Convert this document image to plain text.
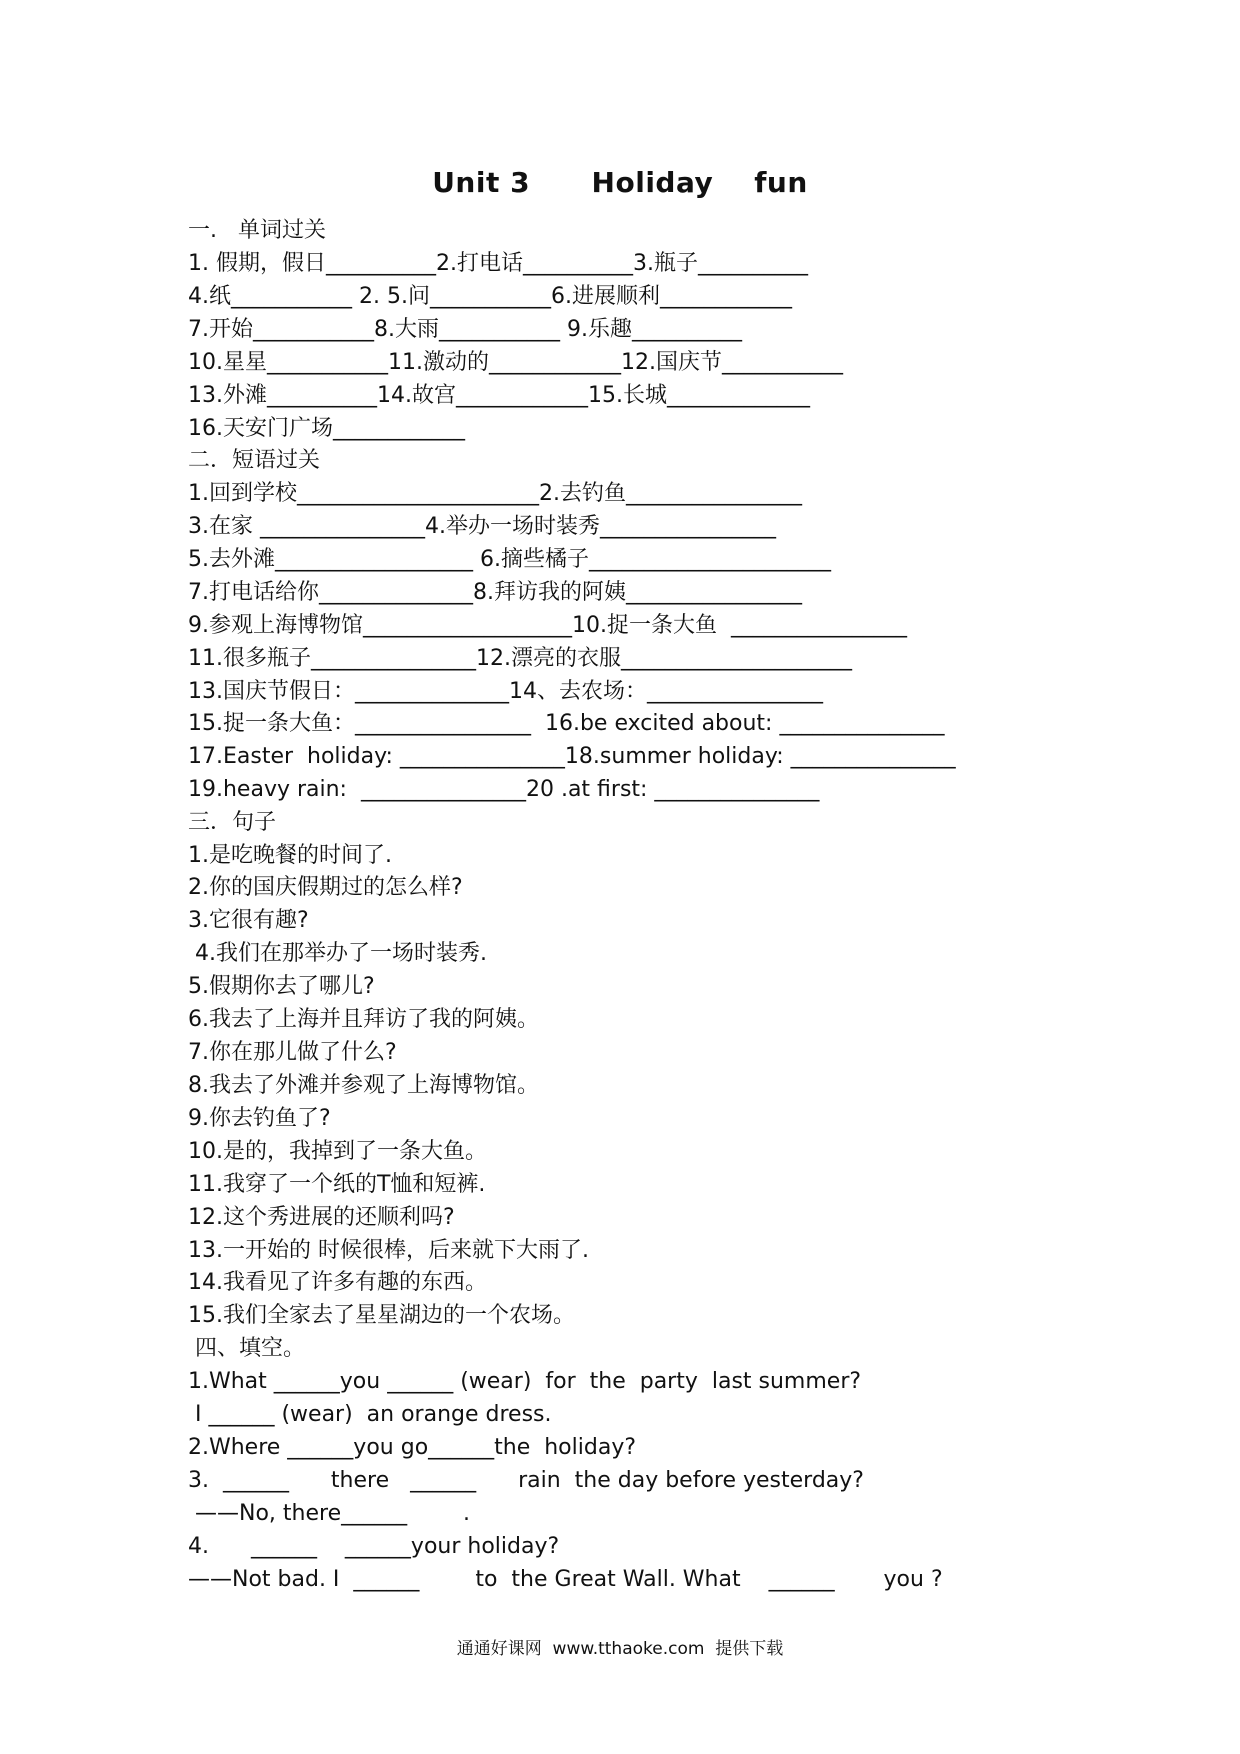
Unit 3      Holiday    fun
一.   单词过关
1. 假期，假日__________2.打电话__________3.瓶子__________
4.纸___________ 2. 5.问___________6.进展顺利____________
7.开始___________8.大雨___________ 9.乐趣__________
10.星星___________11.激动的____________12.国庆节___________
13.外滩__________14.故宫____________15.长城_____________
16.天安门广场____________
二．短语过关
1.回到学校______________________2.去钓鱼________________
3.在家 _______________4.举办一场时装秀________________
5.去外滩__________________ 6.摘些橘子______________________
7.打电话给你______________8.拜访我的阿姨________________
9.参观上海博物馆___________________10.捉一条大鱼  ________________
11.很多瓶子_______________12.漂亮的衣服_____________________
13.国庆节假日：______________14、去农场：________________
15.捉一条大鱼：________________  16.be excited about: _______________
17.Easter  holiday: _______________18.summer holiday: _______________
19.heavy rain:  _______________20 .at first: _______________
三．句子
1.是吃晚餐的时间了.
2.你的国庆假期过的怎么样?
3.它很有趣?
4.我们在那举办了一场时装秀.
5.假期你去了哪儿?
6.我去了上海并且拜访了我的阿姨。
7.你在那儿做了什么?
8.我去了外滩并参观了上海博物馆。
9.你去钓鱼了?
10.是的，我掉到了一条大鱼。
11.我穿了一个纸的T恤和短裤.
12.这个秀进展的还顺利吗?
13.一开始的 时候很棒，后来就下大雨了.
14.我看见了许多有趣的东西。
15.我们全家去了星星湖边的一个农场。
四、填空。
1.What ______you ______ (wear)  for  the  party  last summer?
I ______ (wear)  an orange dress.
2.Where ______you go______the  holiday?
3.  ______      there   ______      rain  the day before yesterday?
——No, there______        .
4.      ______    ______your holiday?
——Not bad. I  ______        to  the Great Wall. What    ______       you ?
通通好课网  www.tthaoke.com  提供下载
